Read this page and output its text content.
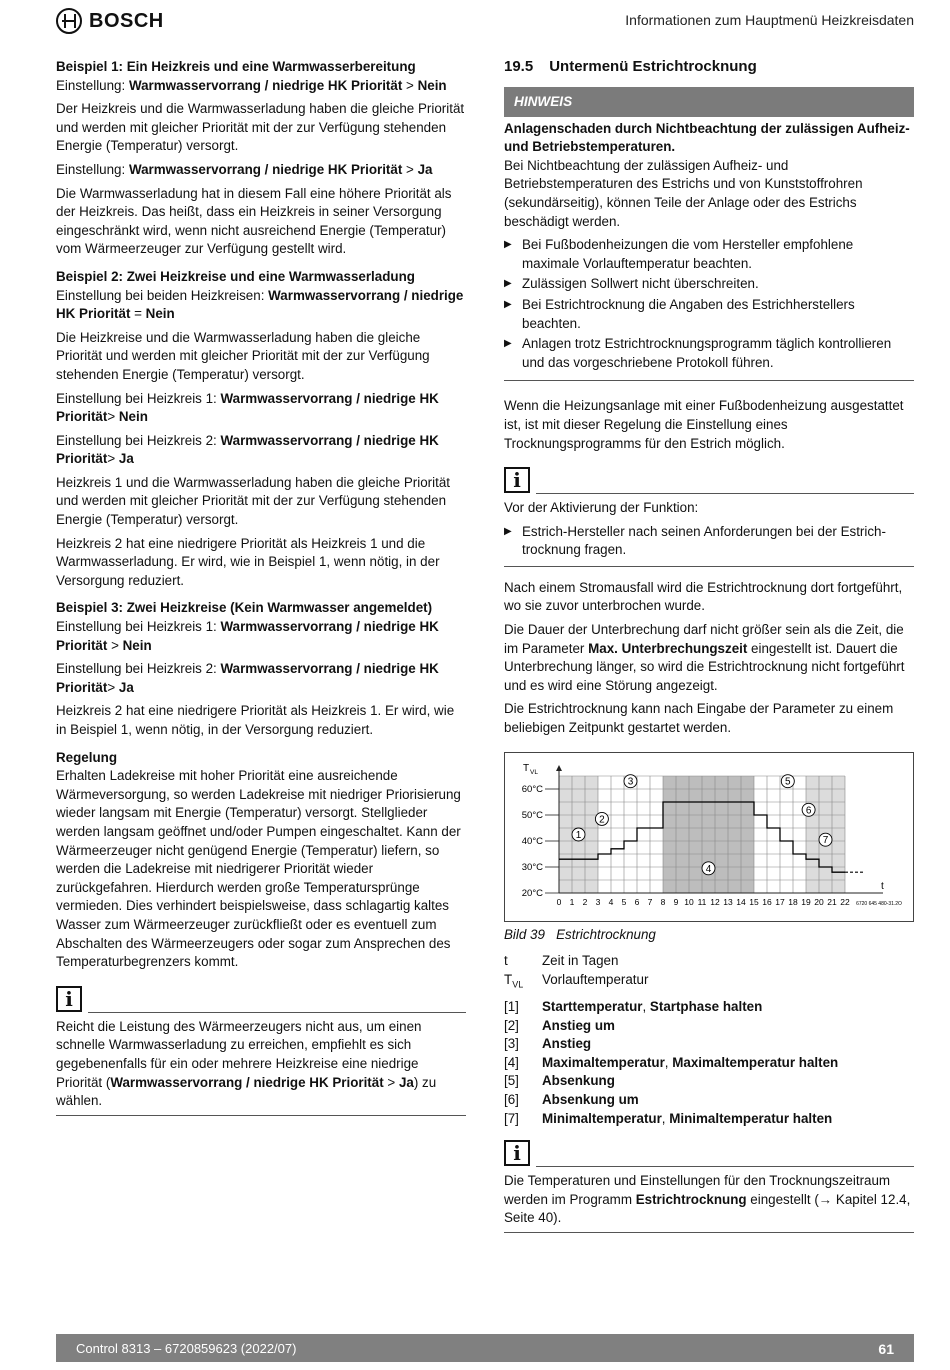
BOSCH	Informationen zum Hauptmenü Heizkreisdaten

Beispiel 1: Ein Heizkreis und eine Warmwasserbereitung

Einstellung: Warmwasservorrang / niedrige HK Priorität > Nein

Der Heizkreis und die Warmwasserladung haben die gleiche Priorität und werden mit gleicher Priorität mit der zur Verfügung stehenden Energie (Temperatur) versorgt.

Einstellung: Warmwasservorrang / niedrige HK Priorität > Ja

Die Warmwasserladung hat in diesem Fall eine höhere Priorität als der Heizkreis. Das heißt, dass ein Heizkreis in seiner Versorgung eingeschränkt wird, wenn nicht ausreichend Energie (Temperatur) vom Wärmeerzeuger zur Verfügung gestellt wird.

Beispiel 2: Zwei Heizkreise und eine Warmwasserladung

Einstellung bei beiden Heizkreisen: Warmwasservorrang / niedrige HK Priorität = Nein

Die Heizkreise und die Warmwasserladung haben die gleiche Priorität und werden mit gleicher Priorität mit der zur Verfügung stehenden Energie (Temperatur) versorgt.

Einstellung bei Heizkreis 1: Warmwasservorrang / niedrige HK Priorität> Nein

Einstellung bei Heizkreis 2: Warmwasservorrang / niedrige HK Priorität> Ja

Heizkreis 1 und die Warmwasserladung haben die gleiche Priorität und werden mit gleicher Priorität mit der zur Verfügung stehenden Energie (Temperatur) versorgt.

Heizkreis 2 hat eine niedrigere Priorität als Heizkreis 1 und die Warmwasserladung. Er wird, wie in Beispiel 1, wenn nötig, in der Versorgung reduziert.

Beispiel 3: Zwei Heizkreise (Kein Warmwasser angemeldet)

Einstellung bei Heizkreis 1: Warmwasservorrang / niedrige HK Priorität > Nein

Einstellung bei Heizkreis 2: Warmwasservorrang / niedrige HK Priorität> Ja

Heizkreis 2 hat eine niedrigere Priorität als Heizkreis 1. Er wird, wie in Beispiel 1, wenn nötig, in der Versorgung reduziert.

Regelung

Erhalten Ladekreise mit hoher Priorität eine ausreichende Wärmeversorgung, so werden Ladekreise mit niedriger Priorisierung wieder langsam mit Energie (Temperatur) versorgt. Stellglieder werden langsam geöffnet und/oder Pumpen eingeschaltet. Kann der Wärmeerzeuger nicht genügend Energie (Temperatur) liefern, so werden die Ladekreise mit niedrigerer Priorität wieder zurückgefahren. Hierdurch werden große Temperatursprünge vermieden. Dies verhindert beispielsweise, dass schlagartig kaltes Wasser zum Wärmeerzeuger zurückfließt oder es eventuell zum Abschalten des Wärmeerzeugers oder sogar zum Ansprechen des Temperaturbegrenzers kommt.

i

Reicht die Leistung des Wärmeerzeugers nicht aus, um einen schnelle Warmwasserladung zu erreichen, empfiehlt es sich gegebenenfalls für ein oder mehrere Heizkreise eine niedrige Priorität (Warmwasservorrang / niedrige HK Priorität > Ja) zu wählen.

19.5 Untermenü Estrichtrocknung
HINWEIS

Anlagenschaden durch Nichtbeachtung der zulässigen Aufheiz- und Betriebstemperaturen.

Bei Nichtbeachtung der zulässigen Aufheiz- und Betriebstemperaturen des Estrichs und von Kunststoffrohren (sekundärseitig), können Teile der Anlage oder des Estrichs beschädigt werden.

▶ Bei Fußbodenheizungen die vom Hersteller empfohlene maximale Vorlauftemperatur beachten.
▶ Zulässigen Sollwert nicht überschreiten.
▶ Bei Estrichtrocknung die Angaben des Estrichherstellers beachten.
▶ Anlagen trotz Estrichtrocknungsprogramm täglich kontrollieren und das vorgeschriebene Protokoll führen.

Wenn die Heizungsanlage mit einer Fußbodenheizung ausgestattet ist, ist mit dieser Regelung die Einstellung eines Trocknungsprogramms für den Estrich möglich.

i

Vor der Aktivierung der Funktion:

▶ Estrich-Hersteller nach seinen Anforderungen bei der Estrichtrocknung fragen.

Nach einem Stromausfall wird die Estrichtrocknung dort fortgeführt, wo sie zuvor unterbrochen wurde.

Die Dauer der Unterbrechung darf nicht größer sein als die Zeit, die im Parameter Max. Unterbrechungszeit eingestellt ist. Dauert die Unterbrechung länger, so wird die Estrichtrocknung nicht fortgeführt und es wird eine Störung angezeigt.

Die Estrichtrocknung kann nach Eingabe der Parameter zu einem beliebigen Zeitpunkt gestartet werden.

20°C
30°C
40°C
50°C
60°C
T VL
0 1 2 3 4 5 6 7 8 9 10 11 12 13 14 15 16 17 18 19 20 21 22
t
6720 645 480-31.2O
1
2
3
4
5
6
7

Bild 39 Estrichtrocknung

t	Zeit in Tagen
$T_{VL}$	Vorlauftemperatur
[1]	Starttemperatur, Startphase halten
[2]	Anstieg um
[3]	Anstieg
[4]	Maximaltemperatur, Maximaltemperatur halten
[5]	Absenkung
[6]	Absenkung um
[7]	Minimaltemperatur, Minimaltemperatur halten
i

Die Temperaturen und Einstellungen für den Trocknungszeitraum werden im Programm Estrichtrocknung eingestellt (→ Kapitel 12.4, Seite 40).

Control 8313 – 6720859623 (2022/07)	61
